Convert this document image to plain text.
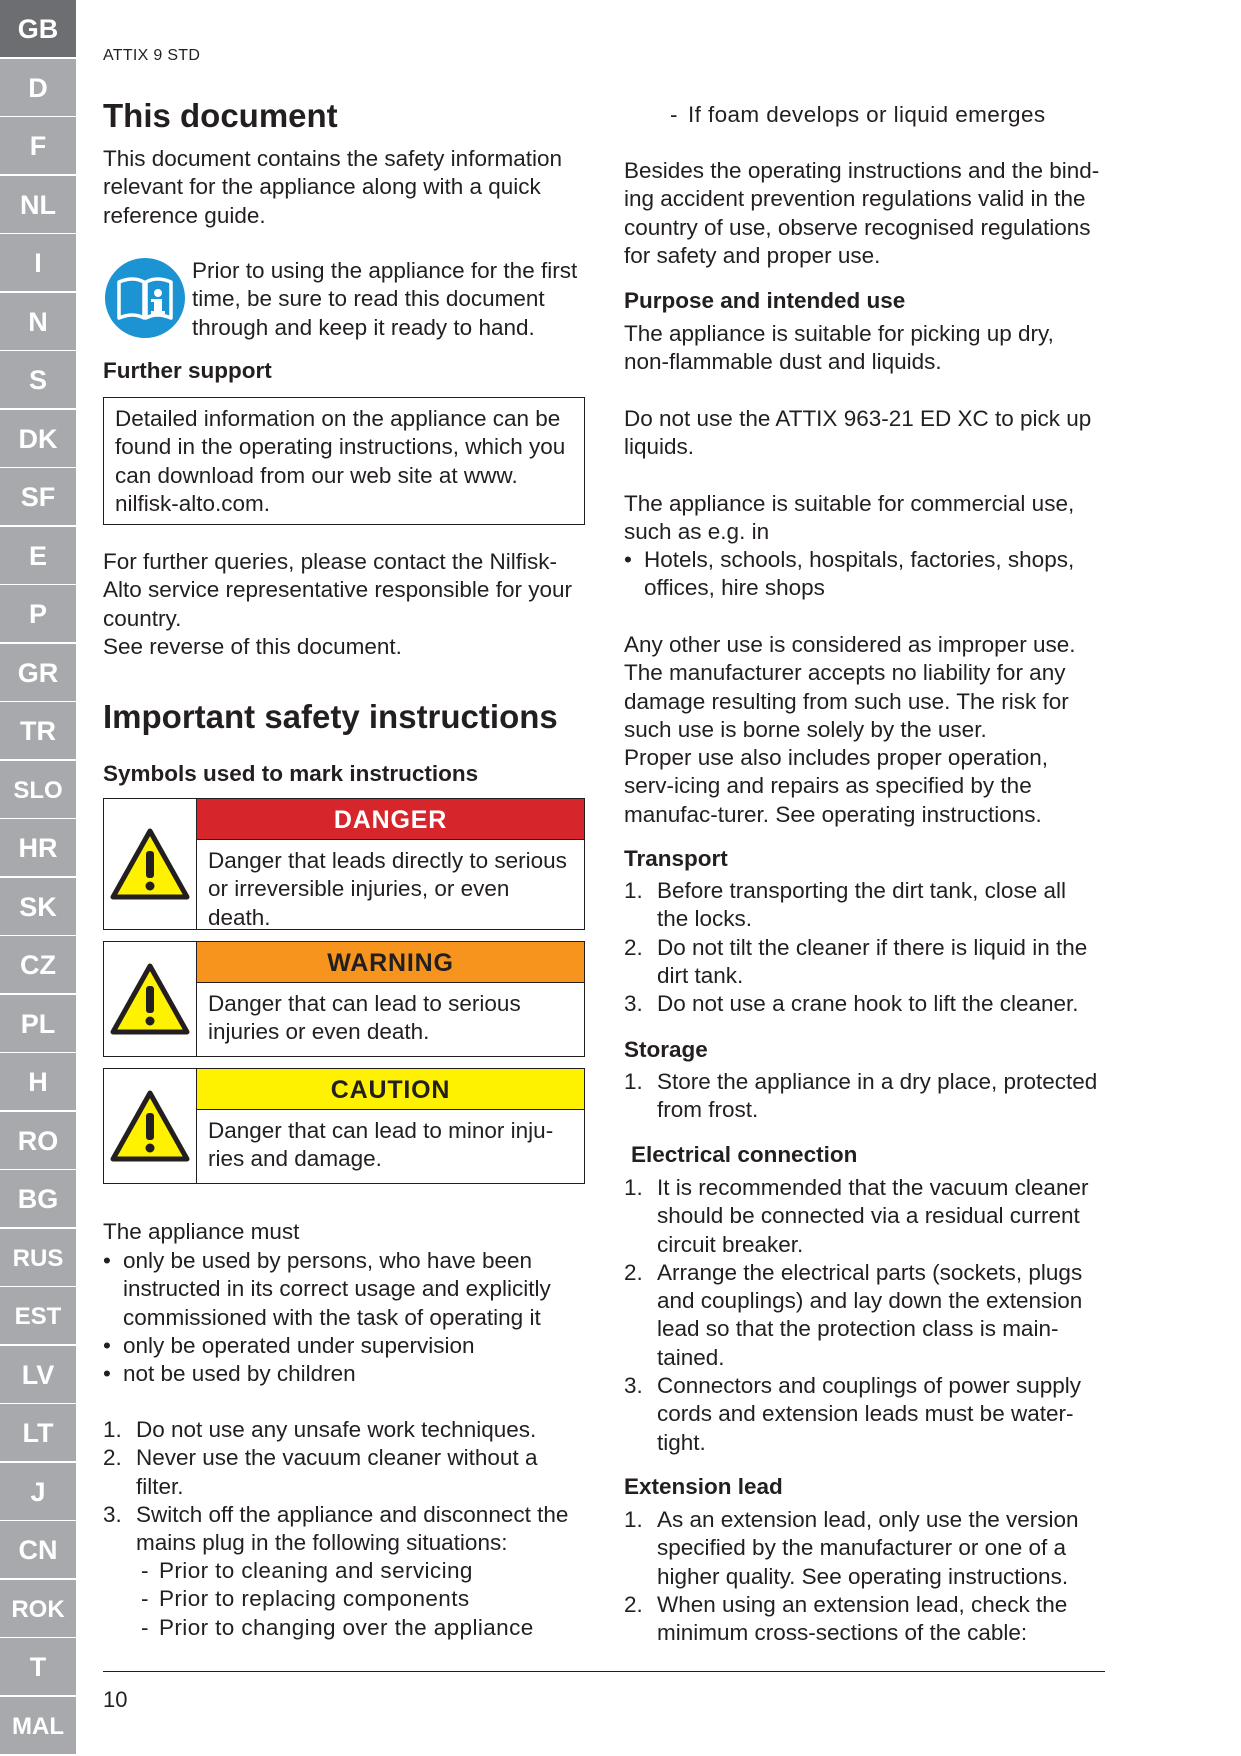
GB
D
F
NL
I
N
S
DK
SF
E
P
GR
TR
SLO
HR
SK
CZ
PL
H
RO
BG
RUS
EST
LV
LT
J
CN
ROK
T
MAL
ATTIX 9 STD
This document

This document contains the safety information relevant for the appliance along with a quick reference guide.

Prior to using the appliance for the first time, be sure to read this document through and keep it ready to hand.

Further support
Detailed information on the appliance can be found in the operating instructions, which you can download from our web site at www. nilfisk-alto.com.

For further queries, please contact the Nilfisk-Alto service representative responsible for your country.

See reverse of this document.

Important safety instructions
Symbols used to mark instructions
DANGER
Danger that leads directly to serious or irreversible injuries, or even death.
WARNING
Danger that can lead to serious injuries or even death.
CAUTION
Danger that can lead to minor inju-ries and damage.

The appliance must

• only be used by persons, who have been instructed in its correct usage and explicitly commissioned with the task of operating it
• only be operated under supervision
• not be used by children
1. Do not use any unsafe work techniques.
2. Never use the vacuum cleaner without a filter.
3. Switch off the appliance and disconnect the mains plug in the following situations:
- Prior to cleaning and servicing
- Prior to replacing components
- Prior to changing over the appliance
- If foam develops or liquid emerges

Besides the operating instructions and the bind-ing accident prevention regulations valid in the country of use, observe recognised regulations for safety and proper use.

Purpose and intended use

The appliance is suitable for picking up dry, non-flammable dust and liquids.

Do not use the ATTIX 963-21 ED XC to pick up liquids.

The appliance is suitable for commercial use, such as e.g. in

• Hotels, schools, hospitals, factories, shops, offices, hire shops

Any other use is considered as improper use. The manufacturer accepts no liability for any damage resulting from such use. The risk for such use is borne solely by the user.

Proper use also includes proper operation, serv-icing and repairs as specified by the manufac-turer. See operating instructions.

Transport
1. Before transporting the dirt tank, close all the locks.
2. Do not tilt the cleaner if there is liquid in the dirt tank.
3. Do not use a crane hook to lift the cleaner.
Storage
1. Store the appliance in a dry place, protected from frost.
Electrical connection
1. It is recommended that the vacuum cleaner should be connected via a residual current circuit breaker.
2. Arrange the electrical parts (sockets, plugs and couplings) and lay down the extension lead so that the protection class is main-tained.
3. Connectors and couplings of power supply cords and extension leads must be water-tight.
Extension lead
1. As an extension lead, only use the version specified by the manufacturer or one of a higher quality. See operating instructions.
2. When using an extension lead, check the minimum cross-sections of the cable:
10
